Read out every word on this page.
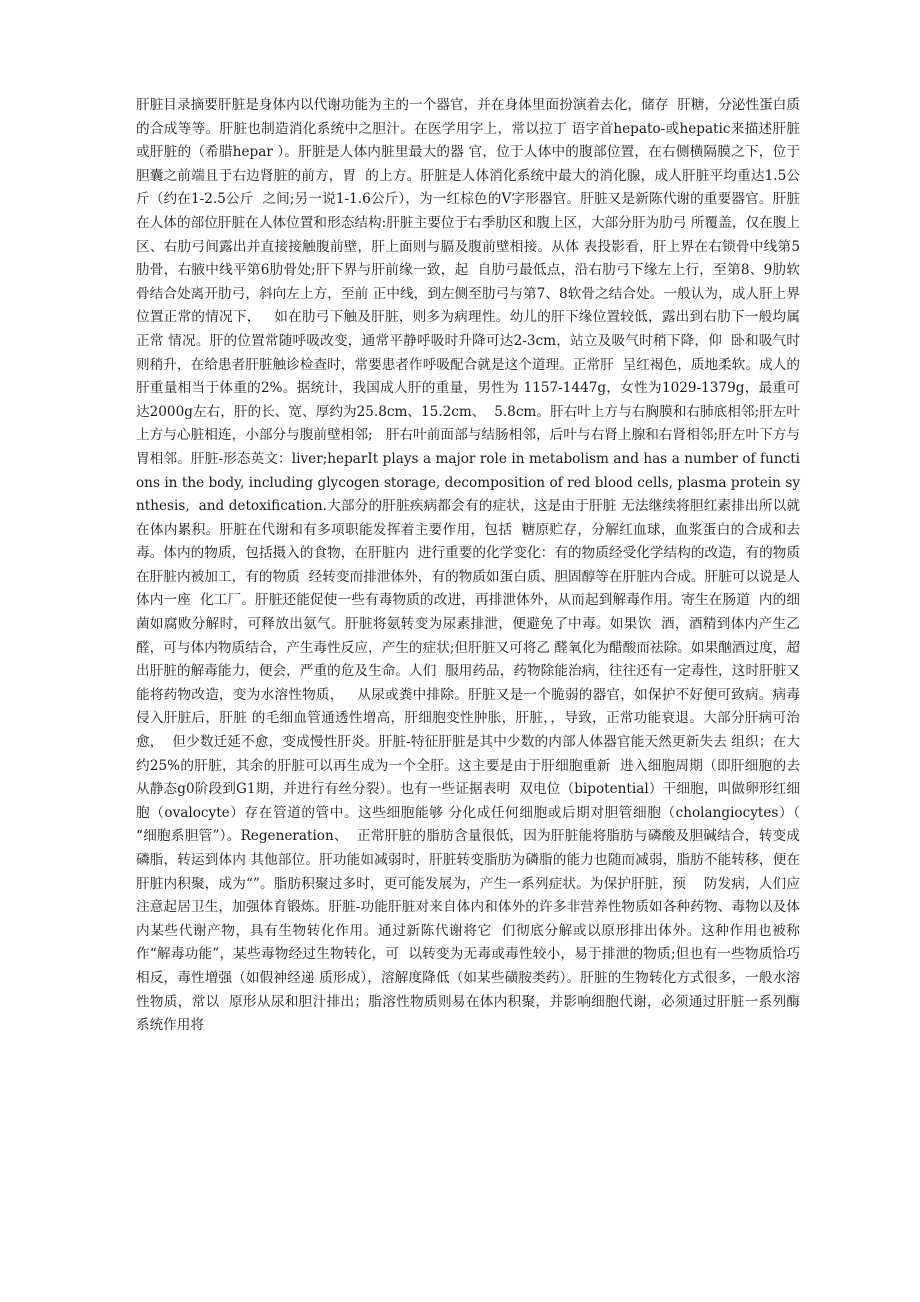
肝脏目录摘要肝脏是身体内以代谢功能为主的一个器官，并在身体里面扮演着去化，储存  肝糖，分泌性蛋白质的合成等等。肝脏也制造消化系统中之胆汁。在医学用字上，常以拉丁 语字首hepato-或hepatic来描述肝脏或肝脏的（希腊hepar ）。肝脏是人体内脏里最大的器 官，位于人体中的腹部位置，在右侧横隔膜之下，位于胆囊之前端且于右边肾脏的前方，胃  的上方。肝脏是人体消化系统中最大的消化腺，成人肝脏平均重达1.5公斤（约在1-2.5公斤  之间;另一说1-1.6公斤），为一红棕色的V字形器官。肝脏又是新陈代谢的重要器官。肝脏 在人体的部位肝脏在人体位置和形态结构:肝脏主要位于右季肋区和腹上区，大部分肝为肋弓 所覆盖，仅在腹上区、右肋弓间露出并直接接触腹前壁，肝上面则与膈及腹前壁相接。从体 表投影看，肝上界在右锁骨中线第5肋骨，右腋中线平第6肋骨处;肝下界与肝前缘一致，起  自肋弓最低点，沿右肋弓下缘左上行，至第8、9肋软骨结合处离开肋弓，斜向左上方，至前 正中线，到左侧至肋弓与第7、8软骨之结合处。一般认为，成人肝上界位置正常的情况下，   如在肋弓下触及肝脏，则多为病理性。幼儿的肝下缘位置较低，露出到右肋下一般均属正常 情况。肝的位置常随呼吸改变，通常平静呼吸时升降可达2-3cm，站立及吸气时稍下降，仰  卧和吸气时则稍升，在给患者肝脏触诊检查时，常要患者作呼吸配合就是这个道理。正常肝  呈红褐色，质地柔软。成人的肝重量相当于体重的2%。据统计，我国成人肝的重量，男性为 1157-1447g，女性为1029-1379g，最重可达2000g左右，肝的长、宽、厚约为25.8cm、15.2cm、  5.8cm。肝右叶上方与右胸膜和右肺底相邻;肝左叶上方与心脏相连，小部分与腹前壁相邻;   肝右叶前面部与结肠相邻，后叶与右肾上腺和右肾相邻;肝左叶下方与胃相邻。肝脏-形态英文：liver;heparIt plays a major role in metabolism and has a number of functions in the body, including glycogen storage, decomposition of red blood cells, plasma protein synthesis,  and detoxification.大部分的肝脏疾病都会有的症状，这是由于肝脏 无法继续将胆红素排出所以就在体内累积。肝脏在代谢和有多项职能发挥着主要作用，包括  糖原贮存，分解红血球，血浆蛋白的合成和去毒。体内的物质，包括摄入的食物，在肝脏内  进行重要的化学变化：有的物质经受化学结构的改造，有的物质在肝脏内被加工，有的物质  经转变而排泄体外，有的物质如蛋白质、胆固醇等在肝脏内合成。肝脏可以说是人体内一座  化工厂。肝脏还能促使一些有毒物质的改进，再排泄体外，从而起到解毒作用。寄生在肠道  内的细菌如腐败分解时，可释放出氨气。肝脏将氨转变为尿素排泄，便避免了中毒。如果饮  酒，酒精到体内产生乙醛，可与体内物质结合，产生毒性反应，产生的症状;但肝脏又可将乙 醛氧化为醋酸而祛除。如果酗酒过度，超出肝脏的解毒能力，便会，严重的危及生命。人们  服用药品，药物除能治病，往往还有一定毒性，这时肝脏又能将药物改造，变为水溶性物质，   从尿或粪中排除。肝脏又是一个脆弱的器官，如保护不好便可致病。病毒侵入肝脏后，肝脏 的毛细血管通透性增高，肝细胞变性肿胀，肝脏，，导致，正常功能衰退。大部分肝病可治愈，  但少数迁延不愈，变成慢性肝炎。肝脏-特征肝脏是其中少数的内部人体器官能天然更新失去 组织；在大约25%的肝脏，其余的肝脏可以再生成为一个全肝。这主要是由于肝细胞重新  进入细胞周期（即肝细胞的去从静态g0阶段到G1期，并进行有丝分裂）。也有一些证据表明  双电位（bipotential）干细胞，叫做卵形红细胞（ovalocyte）存在管道的管中。这些细胞能够 分化成任何细胞或后期对胆管细胞（cholangiocytes）（ “细胞系胆管”）。Regeneration、  正常肝脏的脂肪含量很低，因为肝脏能将脂肪与磷酸及胆碱结合，转变成磷脂，转运到体内 其他部位。肝功能如减弱时，肝脏转变脂肪为磷脂的能力也随而减弱，脂肪不能转移，便在  肝脏内积聚，成为“”。脂肪积聚过多时，更可能发展为，产生一系列症状。为保护肝脏，预    防发病，人们应注意起居卫生，加强体育锻炼。肝脏-功能肝脏对来自体内和体外的许多非营养性物质如各种药物、毒物以及体内某些代谢产物，具有生物转化作用。通过新陈代谢将它  们彻底分解或以原形排出体外。这种作用也被称作“解毒功能”，某些毒物经过生物转化，可  以转变为无毒或毒性较小，易于排泄的物质;但也有一些物质恰巧相反，毒性增强（如假神经递 质形成），溶解度降低（如某些磺胺类药）。肝脏的生物转化方式很多，一般水溶性物质，常以  原形从尿和胆汁排出；脂溶性物质则易在体内积聚，并影响细胞代谢，必须通过肝脏一系列酶  系统作用将
